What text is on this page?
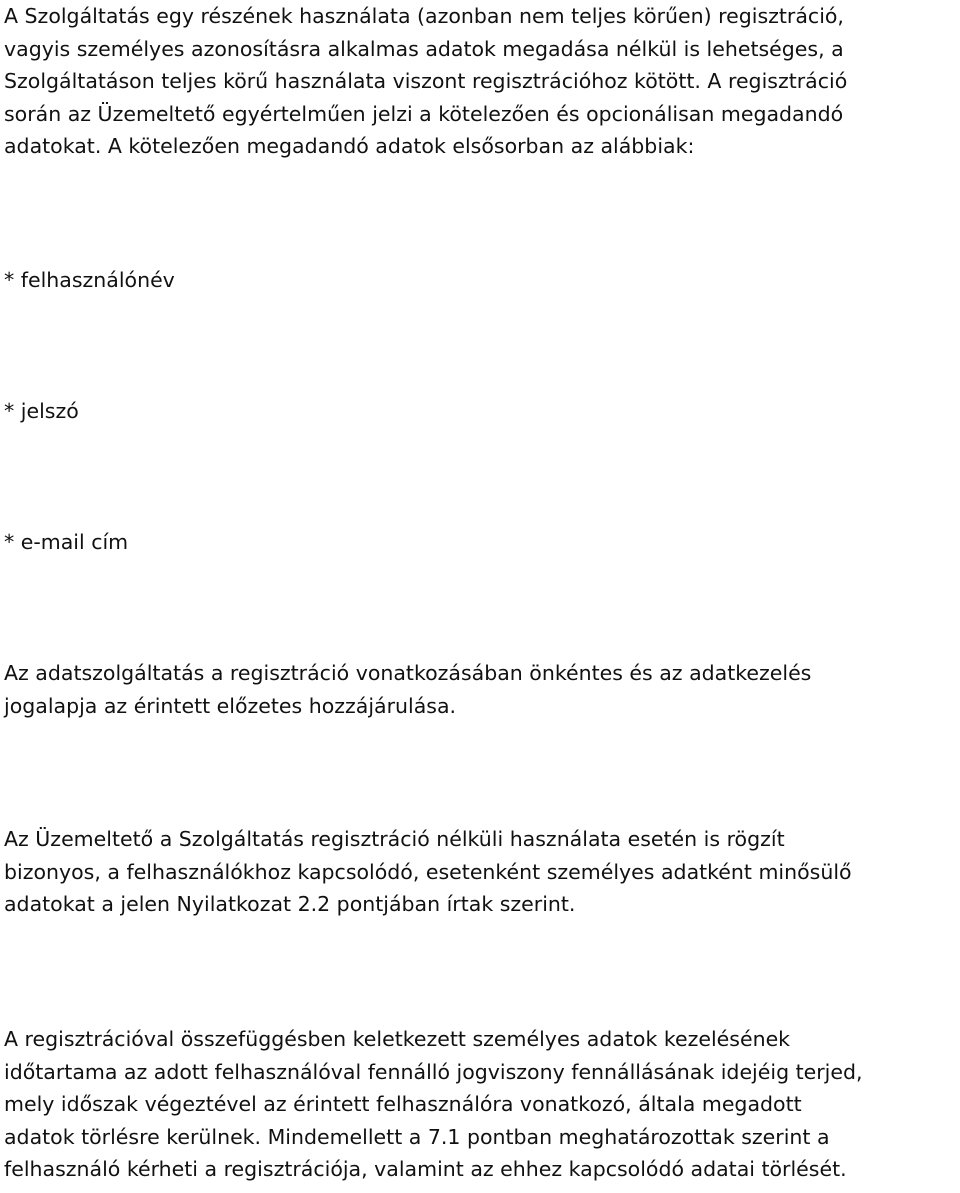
A Szolgáltatás egy részének használata (azonban nem teljes körűen) regisztráció,
vagyis személyes azonosításra alkalmas adatok megadása nélkül is lehetséges, a
Szolgáltatáson teljes körű használata viszont regisztrációhoz kötött. A regisztráció
során az Üzemeltető egyértelműen jelzi a kötelezően és opcionálisan megadandó
adatokat. A kötelezően megadandó adatok elsősorban az alábbiak:

* felhasználónév

* jelszó

* e-mail cím

Az adatszolgáltatás a regisztráció vonatkozásában önkéntes és az adatkezelés
jogalapja az érintett előzetes hozzájárulása.

Az Üzemeltető a Szolgáltatás regisztráció nélküli használata esetén is rögzít
bizonyos, a felhasználókhoz kapcsolódó, esetenként személyes adatként minősülő
adatokat a jelen Nyilatkozat 2.2 pontjában írtak szerint.

A regisztrációval összefüggésben keletkezett személyes adatok kezelésének
időtartama az adott felhasználóval fennálló jogviszony fennállásának idejéig terjed,
mely időszak végeztével az érintett felhasználóra vonatkozó, általa megadott
adatok törlésre kerülnek. Mindemellett a 7.1 pontban meghatározottak szerint a
felhasználó kérheti a regisztrációja, valamint az ehhez kapcsolódó adatai törlését.
